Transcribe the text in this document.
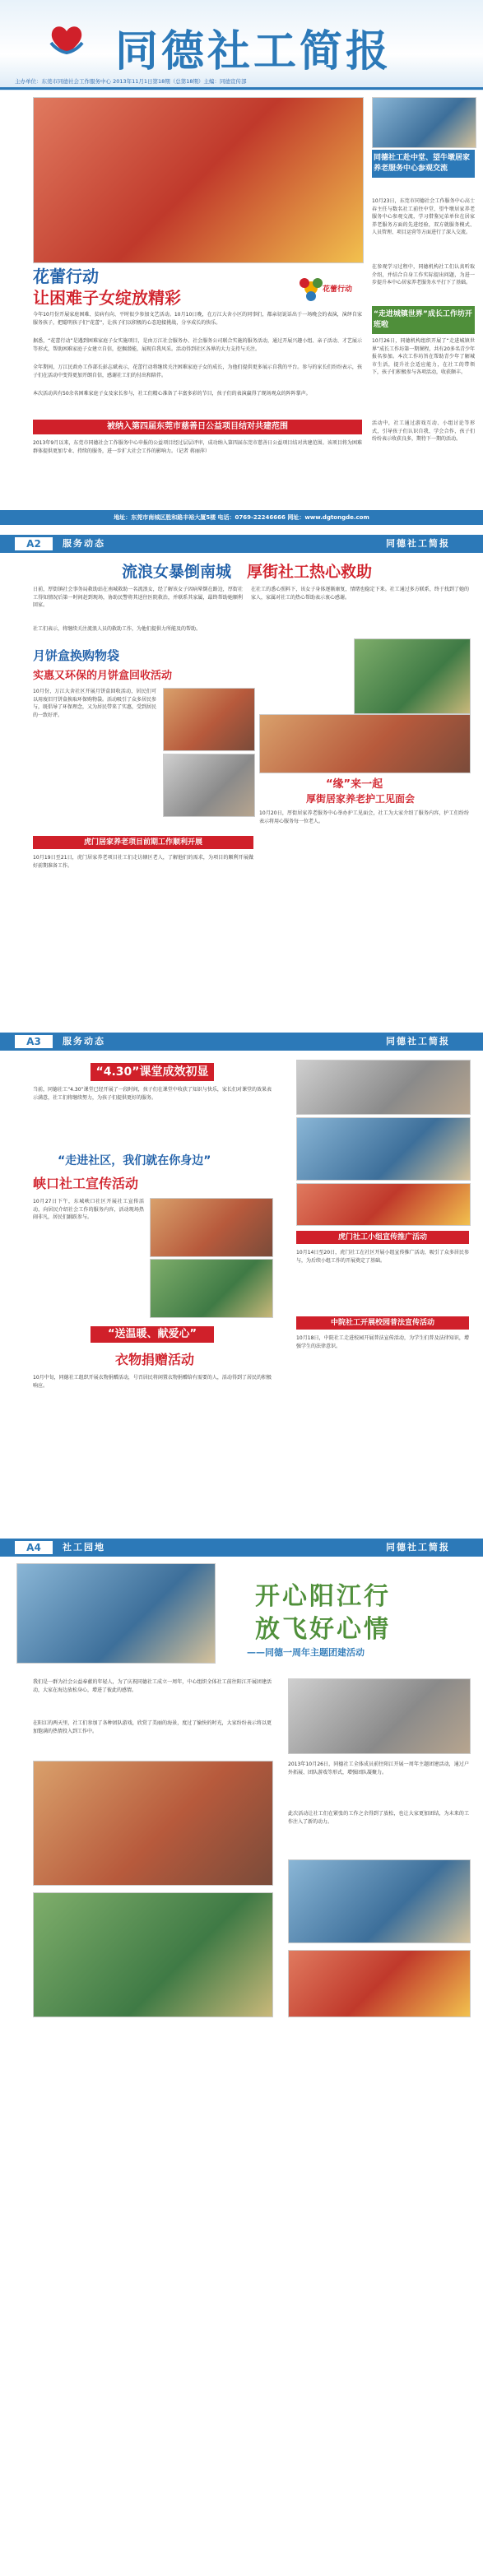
同德社工简报
主办单位：东莞市同德社会工作服务中心 2013年11月1日第18期（总第18期）主编：同德宣传部
花蕾行动
让困难子女绽放精彩	花蕾行动
今年10月份开展家庭困难、贫病有向、平时很少参加文艺活动。10月10日晚，在万江大舍小区的同事们，都亲切说话出于一场晚会的表演，演绎自家服务孩子，把聪明孩子们“花蕾”，让孩子们以积极的心态迎接挑战，分享成长的快乐。
据悉，“花蕾行动”是遇到困难家庭子女实施项目，是由万江社会服务办、社会服务公司联合实施的服务活动，通过开展兴趣小组、亲子活动、才艺展示等形式，帮助困难家庭子女建立自信，挖掘潜能，展现自我风采。活动得到社区各界的大力支持与关注。
全年期间，万江民政办工作部长彭志斌表示，花蕾行动将继续关注困难家庭子女的成长，为他们提供更多展示自我的平台。参与的家长们纷纷表示，孩子们在活动中变得更加开朗自信，感谢社工们的付出和陪伴。
本次活动共有50余名困难家庭子女及家长参与，社工们精心准备了丰富多彩的节目，孩子们的表演赢得了现场观众的阵阵掌声。
同德社工赴中堂、望牛墩居家养老服务中心参观交流
10月23日，东莞市同德社会工作服务中心高士春主任与数名社工前往中堂、望牛墩居家养老服务中心参观交流，学习借鉴兄弟单位在居家养老服务方面的先进经验，双方就服务模式、人员管理、项目运营等方面进行了深入交流。
在参观学习过程中，同德机构社工们认真听取介绍，并结合自身工作实际提出问题，为进一步提升本中心居家养老服务水平打下了基础。
“走进城镇世界”成长工作坊开班啦
10月26日，同德机构组织开展了“走进城镇世界”成长工作坊第一期课程，共有20多名青少年报名参加。本次工作坊旨在帮助青少年了解城市生活，提升社会适应能力，在社工的带领下，孩子们积极参与各项活动，收获颇丰。
活动中，社工通过游戏互动、小组讨论等形式，引导孩子们认识自我、学会合作，孩子们纷纷表示收获良多，期待下一期的活动。
被纳入第四届东莞市慈善日公益项目结对共建范围
2013年9月以来，东莞市同德社会工作服务中心申报的公益项目经过层层评审，成功纳入第四届东莞市慈善日公益项目结对共建范围。该项目将为困难群体提供更加专业、持续的服务，进一步扩大社会工作的影响力。（记者 蒋丽萍）
地址：东莞市南城区胜和路丰裕大厦5楼 电话：0769-22246666 网址：www.dgtongde.com
A2	服务动态	同德社工简报
流浪女暴倒南城 厚街社工热心救助
日前，厚街镇社会事务局救助站在南城救助一名流浪女，经了解该女子因病晕倒在路边，厚街社工得知情况后第一时间赶到现场，协助民警将其送往医院救治，并联系其家属，最终帮助她顺利回家。
社工们表示，将继续关注流浪人员的救助工作，为他们提供力所能及的帮助。
在社工的悉心照料下，该女子身体逐渐康复，情绪也稳定下来。社工通过多方联系，终于找到了她的家人，家属对社工的热心帮助表示衷心感谢。
月饼盒换购物袋
实惠又环保的月饼盒回收活动
10月份，万江大舍社区开展月饼盒回收活动，居民们可以用废旧月饼盒换取环保购物袋。活动吸引了众多居民参与，既倡导了环保理念，又为居民带来了实惠，受到居民的一致好评。
“缘”来一起
厚街居家养老护工见面会
10月20日，厚街居家养老服务中心举办护工见面会，社工为大家介绍了服务内容，护工们纷纷表示将用心服务每一位老人。
虎门居家养老项目前期工作顺利开展
10月19日至21日，虎门居家养老项目社工们走访辖区老人，了解他们的需求，为项目的顺利开展做好前期准备工作。
A3	服务动态	同德社工简报
“4.30”课堂成效初显
当前，同德社工“4.30”课堂已经开展了一段时间，孩子们在课堂中收获了知识与快乐，家长们对课堂的效果表示满意，社工们将继续努力，为孩子们提供更好的服务。
“走进社区，我们就在你身边”
峡口社工宣传活动
10月27日下午，东城峡口社区开展社工宣传活动，向居民介绍社会工作的服务内容，活动现场热闹非凡，居民们踊跃参与。
“送温暖、献爱心”
衣物捐赠活动
10月中旬，同德社工组织开展衣物捐赠活动，号召居民将闲置衣物捐赠给有需要的人，活动得到了居民的积极响应。
虎门社工小组宣传推广活动
10月14日至20日，虎门社工在社区开展小组宣传推广活动，吸引了众多居民参与，为后续小组工作的开展奠定了基础。
中院社工开展校园普法宣传活动
10月18日，中院社工走进校园开展普法宣传活动，为学生们普及法律知识，增强学生的法律意识。
A4	社工园地	同德社工简报
开心阳江行
放飞好心情
——同德一周年主题团建活动
我们是一群为社会公益奉献的年轻人，为了庆祝同德社工成立一周年，中心组织全体社工前往阳江开展团建活动，大家在海边放松身心，增进了彼此的感情。
在阳江的两天里，社工们参加了各种团队游戏，欣赏了美丽的海景，度过了愉快的时光，大家纷纷表示将以更加饱满的热情投入到工作中。
2013年10月26日，同德社工全体成员前往阳江开展一周年主题团建活动，通过户外拓展、团队游戏等形式，增强团队凝聚力。
此次活动让社工们在紧张的工作之余得到了放松，也让大家更加团结，为未来的工作注入了新的动力。
